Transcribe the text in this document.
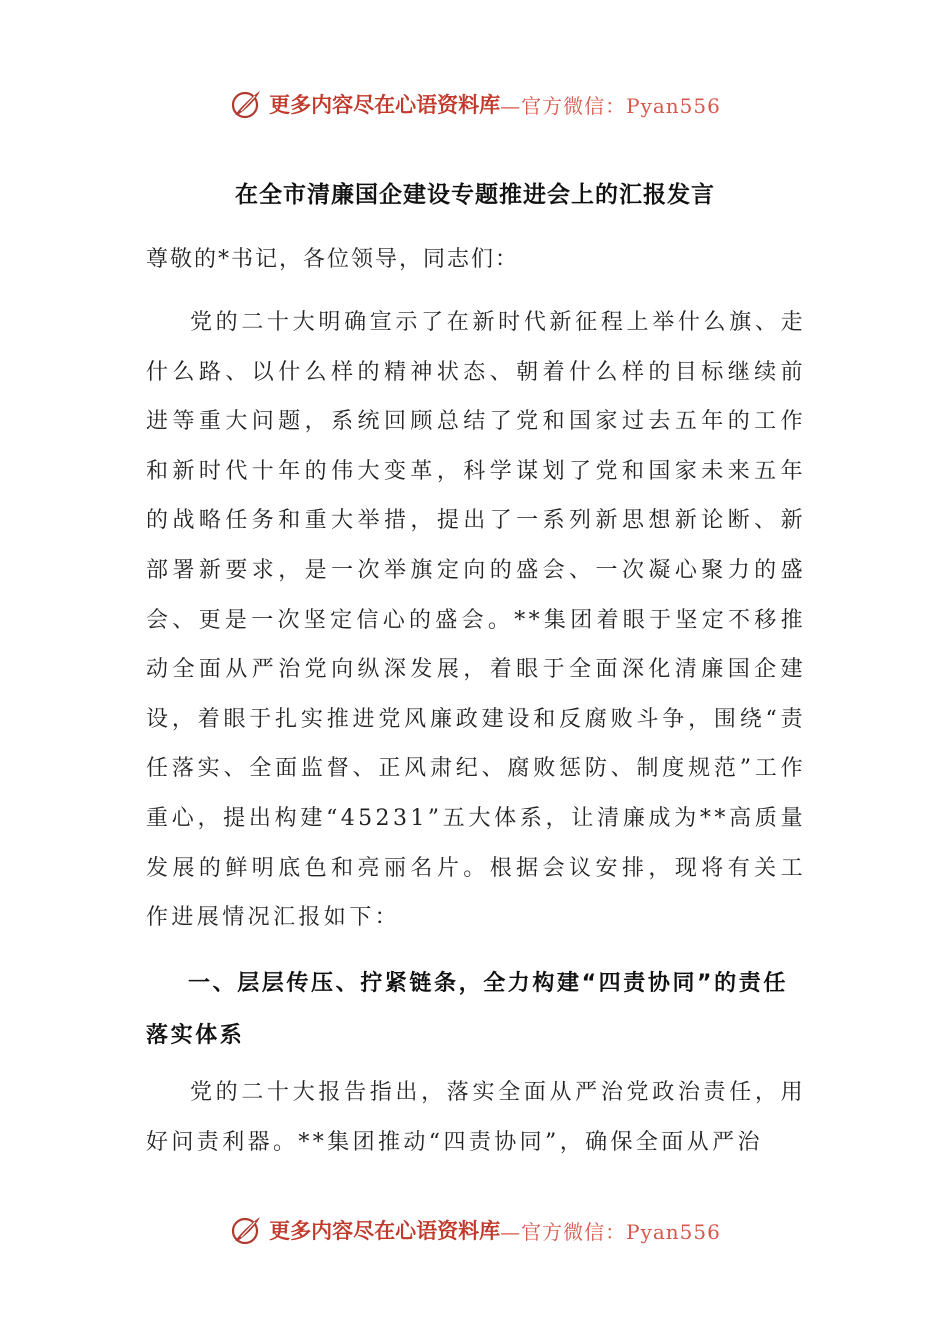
更多内容尽在心语资料库 —官方微信：Pyan556
在全市清廉国企建设专题推进会上的汇报发言
尊敬的*书记，各位领导，同志们：

党的二十大明确宣示了在新时代新征程上举什么旗、走什么路、以什么样的精神状态、朝着什么样的目标继续前进等重大问题，系统回顾总结了党和国家过去五年的工作和新时代十年的伟大变革，科学谋划了党和国家未来五年的战略任务和重大举措，提出了一系列新思想新论断、新部署新要求，是一次举旗定向的盛会、一次凝心聚力的盛会、更是一次坚定信心的盛会。**集团着眼于坚定不移推动全面从严治党向纵深发展，着眼于全面深化清廉国企建设，着眼于扎实推进党风廉政建设和反腐败斗争，围绕“责任落实、全面监督、正风肃纪、腐败惩防、制度规范”工作重心，提出构建“45231”五大体系，让清廉成为**高质量发展的鲜明底色和亮丽名片。根据会议安排，现将有关工作进展情况汇报如下：

一、层层传压、拧紧链条，全力构建“四责协同”的责任落实体系

党的二十大报告指出，落实全面从严治党政治责任，用好问责利器。**集团推动“四责协同”，确保全面从严治

更多内容尽在心语资料库 —官方微信：Pyan556
